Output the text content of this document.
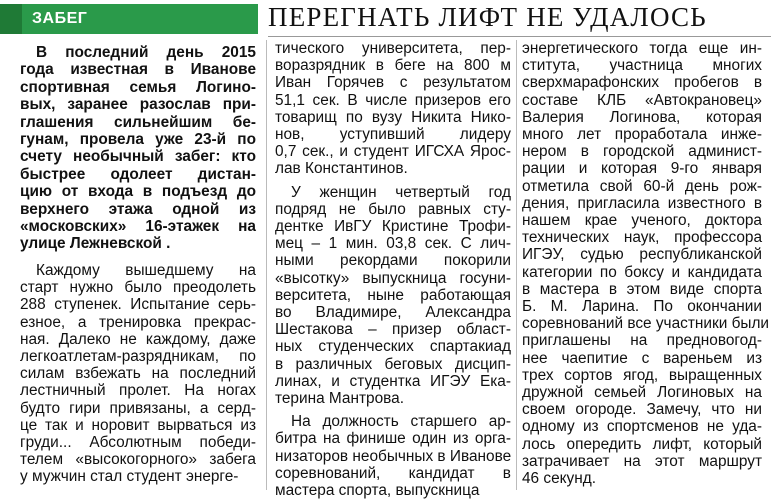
ЗАБЕГ	ПЕРЕГНАТЬ ЛИФТ НЕ УДАЛОСЬ
В последний день 2015
года известная в Иванове
спортивная семья Логино-
вых, заранее разослав при-
глашения сильнейшим бе-
гунам, провела уже 23-й по
счету необычный забег: кто
быстрее одолеет дистан-
цию от входа в подъезд до
верхнего этажа одной из
«московских» 16-этажек на
улице Лежневской .
Каждому вышедшему на
старт нужно было преодолеть
288 ступенек. Испытание серь-
езное, а тренировка прекрас-
ная. Далеко не каждому, даже
легкоатлетам-разрядникам, по
силам взбежать на последний
лестничный пролет. На ногах
будто гири привязаны, а серд-
це так и норовит вырваться из
груди... Абсолютным победи-
телем «высокогорного» забега
у мужчин стал студент энерге-
тического университета, пер-
воразрядник в беге на 800 м
Иван Горячев с результатом
51,1 сек. В числе призеров его
товарищ по вузу Никита Нико-
нов, уступивший лидеру
0,7 сек., и студент ИГСХА Ярос-
лав Константинов.
У женщин четвертый год
подряд не было равных сту-
дентке ИвГУ Кристине Трофи-
мец – 1 мин. 03,8 сек. С лич-
ными рекордами покорили
«высотку» выпускница госуни-
верситета, ныне работающая
во Владимире, Александра
Шестакова – призер област-
ных студенческих спартакиад
в различных беговых дисцип-
линах, и студентка ИГЭУ Ека-
терина Мантрова.
На должность старшего ар-
битра на финише один из орга-
низаторов необычных в Иванове
соревнований, кандидат в
мастера спорта, выпускница
энергетического тогда еще ин-
ститута, участница многих
сверхмарафонских пробегов в
составе КЛБ «Автокрановец»
Валерия Логинова, которая
много лет проработала инже-
нером в городской админист-
рации и которая 9-го января
отметила свой 60-й день рож-
дения, пригласила известного в
нашем крае ученого, доктора
технических наук, профессора
ИГЭУ, судью республиканской
категории по боксу и кандидата
в мастера в этом виде спорта
Б. М. Ларина. По окончании
соревнований все участники были
приглашены на предновогод-
нее чаепитие с вареньем из
трех сортов ягод, выращенных
дружной семьей Логиновых на
своем огороде. Замечу, что ни
одному из спортсменов не уда-
лось опередить лифт, который
затрачивает на этот маршрут
46 секунд.
